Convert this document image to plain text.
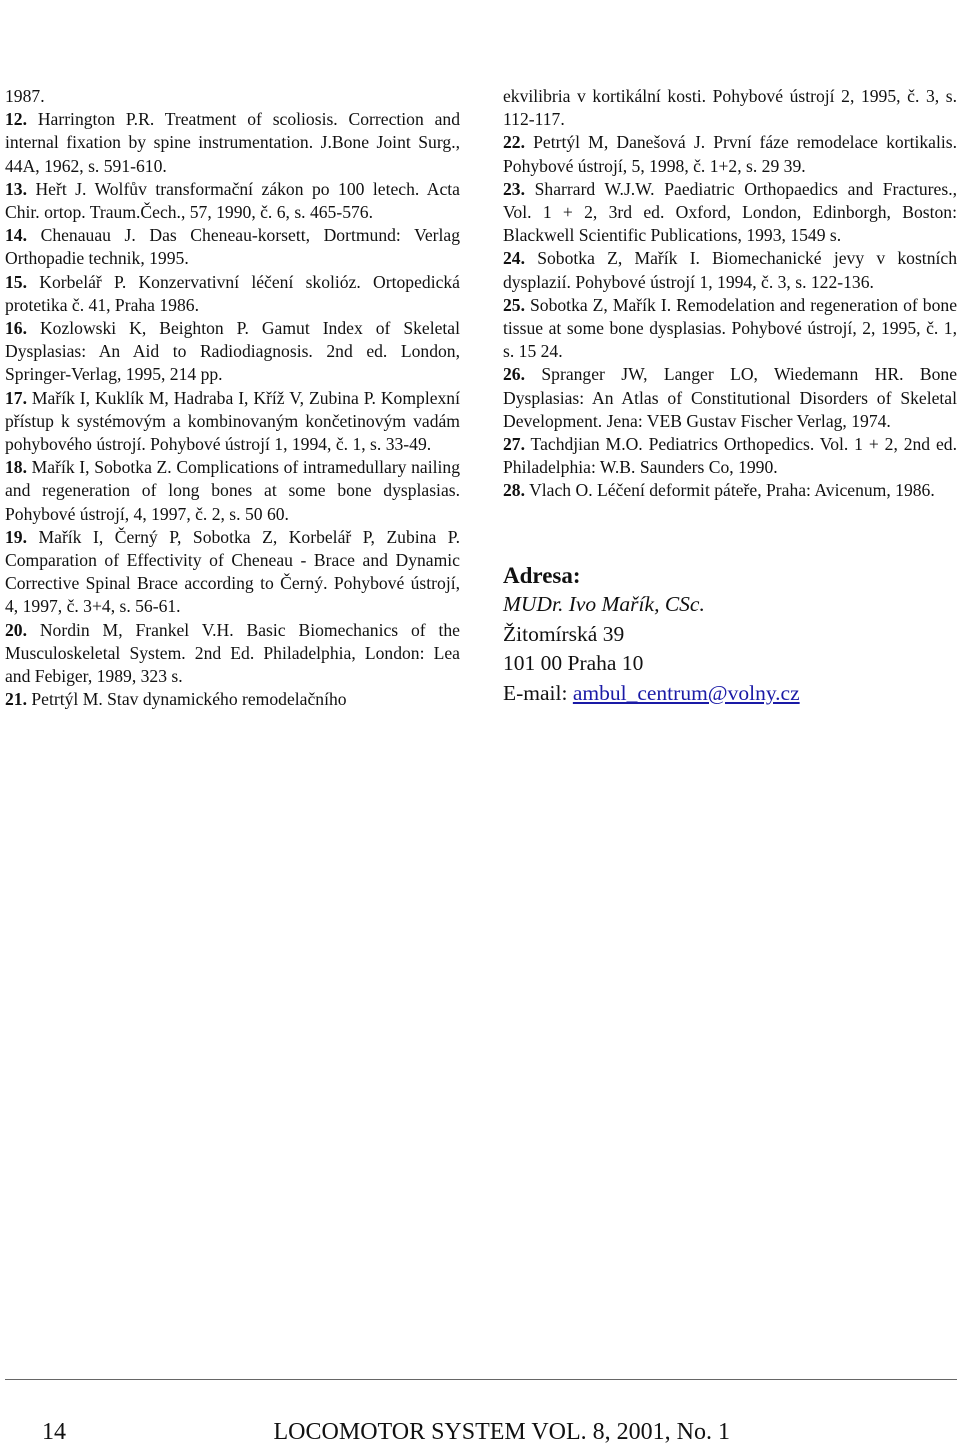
1987.

12. Harrington P.R. Treatment of scoliosis. Correction and internal fixation by spine instrumentation. J.Bone Joint Surg., 44A, 1962, s. 591-610.

13. Heřt J. Wolfův transformační zákon po 100 letech. Acta Chir. ortop. Traum.Čech., 57, 1990, č. 6, s. 465-576.

14. Chenauau J. Das Cheneau-korsett, Dortmund: Verlag Orthopadie technik, 1995.

15. Korbelář P. Konzervativní léčení skolióz. Ortopedická protetika č. 41, Praha 1986.

16. Kozlowski K, Beighton P. Gamut Index of Skeletal Dysplasias: An Aid to Radiodiagnosis. 2nd ed. London, Springer-Verlag, 1995, 214 pp.

17. Mařík I, Kuklík M, Hadraba I, Kříž V, Zubina P. Komplexní přístup k systémovým a kombinovaným končetinovým vadám pohybového ústrojí. Pohybové ústrojí 1, 1994, č. 1, s. 33-49.

18. Mařík I, Sobotka Z. Complications of intramedullary nailing and regeneration of long bones at some bone dysplasias. Pohybové ústrojí, 4, 1997, č. 2, s. 50 60.

19. Mařík I, Černý P, Sobotka Z, Korbelář P, Zubina P. Comparation of Effectivity of Cheneau - Brace and Dynamic Corrective Spinal Brace according to Černý. Pohybové ústrojí, 4, 1997, č. 3+4, s. 56-61.

20. Nordin M, Frankel V.H. Basic Biomechanics of the Musculoskeletal System. 2nd Ed. Philadelphia, London: Lea and Febiger, 1989, 323 s.

21. Petrtýl M. Stav dynamického remodelačního

ekvilibria v kortikální kosti. Pohybové ústrojí 2, 1995, č. 3, s. 112-117.

22. Petrtýl M, Danešová J. První fáze remodelace kortikalis. Pohybové ústrojí, 5, 1998, č. 1+2, s. 29 39.

23. Sharrard W.J.W. Paediatric Orthopaedics and Fractures., Vol. 1 + 2, 3rd ed. Oxford, London, Edinborgh, Boston: Blackwell Scientific Publications, 1993, 1549 s.

24. Sobotka Z, Mařík I. Biomechanické jevy v kostních dysplazií. Pohybové ústrojí 1, 1994, č. 3, s. 122-136.

25. Sobotka Z, Mařík I. Remodelation and regeneration of bone tissue at some bone dysplasias. Pohybové ústrojí, 2, 1995, č. 1, s. 15 24.

26. Spranger JW, Langer LO, Wiedemann HR. Bone Dysplasias: An Atlas of Constitutional Disorders of Skeletal Development. Jena: VEB Gustav Fischer Verlag, 1974.

27. Tachdjian M.O. Pediatrics Orthopedics. Vol. 1 + 2, 2nd ed. Philadelphia: W.B. Saunders Co, 1990.

28. Vlach O. Léčení deformit páteře, Praha: Avicenum, 1986.

Adresa:
MUDr. Ivo Mařík, CSc.
Žitomírská 39
101 00 Praha 10
E-mail: ambul_centrum@volny.cz
14	LOCOMOTOR SYSTEM VOL. 8, 2001, No. 1
